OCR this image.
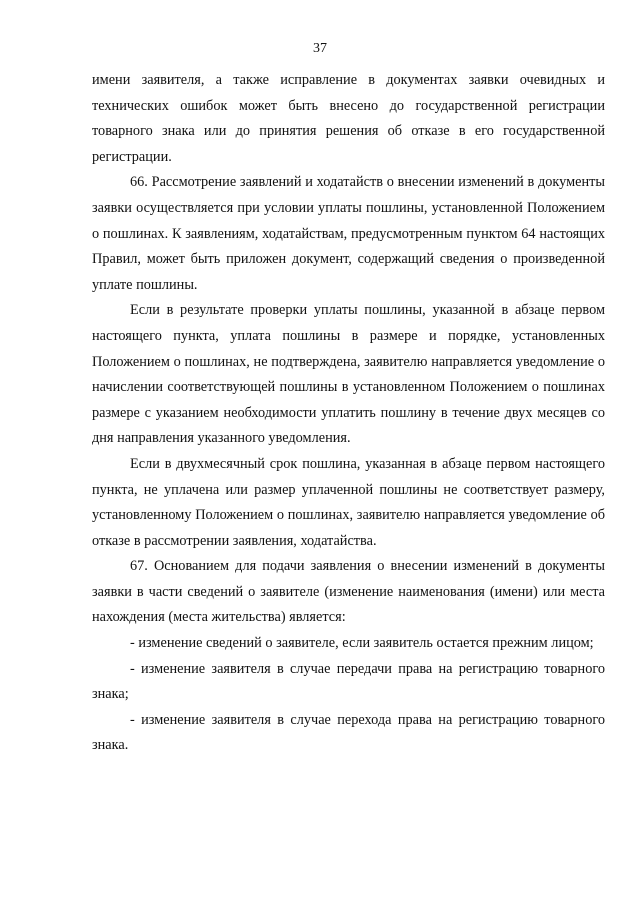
37

имени заявителя, а также исправление в документах заявки очевидных и технических ошибок может быть внесено до государственной регистрации товарного знака или до принятия решения об отказе в его государственной регистрации.

66. Рассмотрение заявлений и ходатайств о внесении изменений в документы заявки осуществляется при условии уплаты пошлины, установленной Положением о пошлинах. К заявлениям, ходатайствам, предусмотренным пунктом 64 настоящих Правил, может быть приложен документ, содержащий сведения о произведенной уплате пошлины.

Если в результате проверки уплаты пошлины, указанной в абзаце первом настоящего пункта, уплата пошлины в размере и порядке, установленных Положением о пошлинах, не подтверждена, заявителю направляется уведомление о начислении соответствующей пошлины в установленном Положением о пошлинах размере с указанием необходимости уплатить пошлину в течение двух месяцев со дня направления указанного уведомления.

Если в двухмесячный срок пошлина, указанная в абзаце первом настоящего пункта, не уплачена или размер уплаченной пошлины не соответствует размеру, установленному Положением о пошлинах, заявителю направляется уведомление об отказе в рассмотрении заявления, ходатайства.

67. Основанием для подачи заявления о внесении изменений в документы заявки в части сведений о заявителе (изменение наименования (имени) или места нахождения (места жительства) является:

- изменение сведений о заявителе, если заявитель остается прежним лицом;

- изменение заявителя в случае передачи права на регистрацию товарного знака;

- изменение заявителя в случае перехода права на регистрацию товарного знака.
